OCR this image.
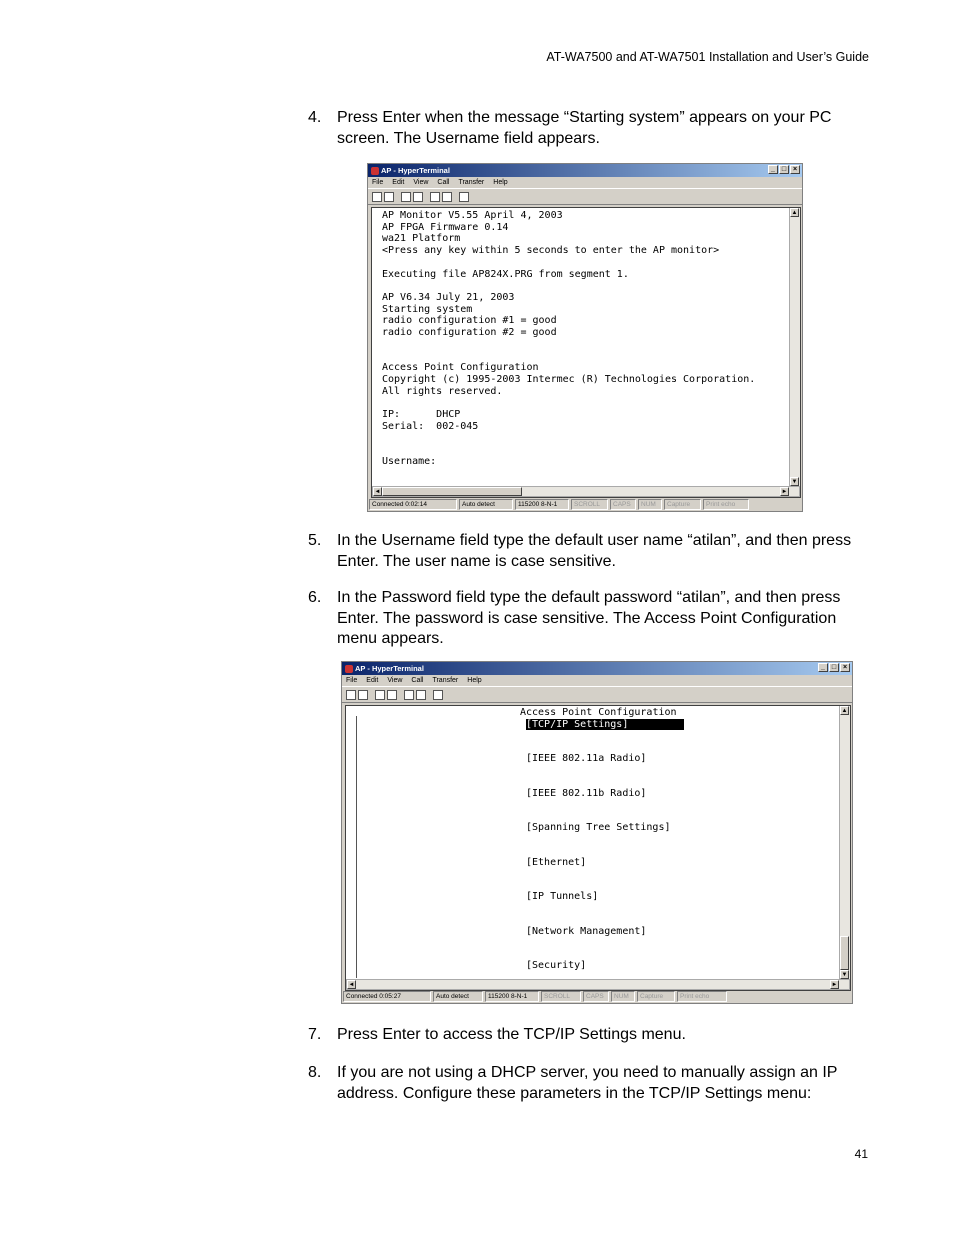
AT-WA7500 and AT-WA7501 Installation and User’s Guide
4. Press Enter when the message “Starting system” appears on your PC screen. The Username field appears.
AP - HyperTerminal	_ □ ×
File Edit View Call Transfer Help
AP Monitor V5.55 April 4, 2003
AP FPGA Firmware 0.14
wa21 Platform
<Press any key within 5 seconds to enter the AP monitor>

Executing file AP824X.PRG from segment 1.

AP V6.34 July 21, 2003
Starting system
radio configuration #1 = good
radio configuration #2 = good

Access Point Configuration
Copyright (c) 1995-2003 Intermec (R) Technologies Corporation.
All rights reserved.

IP:      DHCP
Serial:  002-045

Username:
▲
▼
◄	►
Connected 0:02:14	Auto detect	115200 8-N-1	SCROLL	CAPS	NUM	Capture	Print echo
5. In the Username field type the default user name “atilan”, and then press Enter. The user name is case sensitive.
6. In the Password field type the default password “atilan”, and then press Enter. The password is case sensitive. The Access Point Configuration menu appears.
AP - HyperTerminal	_ □ ×
File Edit View Call Transfer Help
Access Point Configuration
[TCP/IP Settings]

[IEEE 802.11a Radio]

[IEEE 802.11b Radio]

[Spanning Tree Settings]

[Ethernet]

[IP Tunnels]

[Network Management]

[Security]

▲
▼
◄	►
Connected 0:05:27	Auto detect	115200 8-N-1	SCROLL	CAPS	NUM	Capture	Print echo
7. Press Enter to access the TCP/IP Settings menu.
8. If you are not using a DHCP server, you need to manually assign an IP address. Configure these parameters in the TCP/IP Settings menu:
41
